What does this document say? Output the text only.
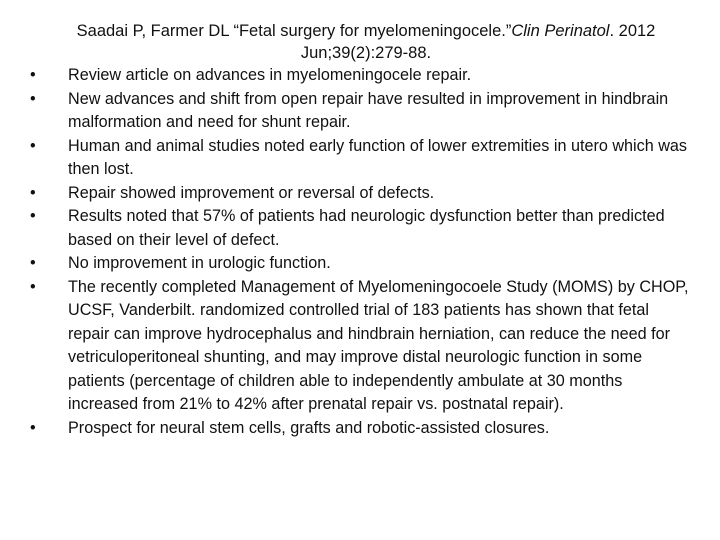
Saadai P, Farmer DL “Fetal surgery for myelomeningocele.”Clin Perinatol. 2012 Jun;39(2):279-88.
•	Review article on advances in myelomeningocele repair.
•	New advances and shift from open repair have resulted in improvement in hindbrain malformation and need for shunt repair.
•	Human and animal studies noted early function of lower extremities in utero which was then lost.
•	Repair showed improvement or reversal of defects.
•	Results noted that 57% of patients had neurologic dysfunction better than predicted based on their level of defect.
•	No improvement in urologic function.
•	The recently completed Management of Myelomeningocoele Study (MOMS) by CHOP, UCSF, Vanderbilt. randomized controlled trial of 183 patients has shown that fetal repair can improve hydrocephalus and hindbrain herniation, can reduce the need for vetriculoperitoneal shunting, and may improve distal neurologic function in some patients (percentage of children able to independently ambulate at 30 months increased from 21% to 42% after prenatal repair vs. postnatal repair).
•	Prospect for neural stem cells, grafts and robotic-assisted closures.
